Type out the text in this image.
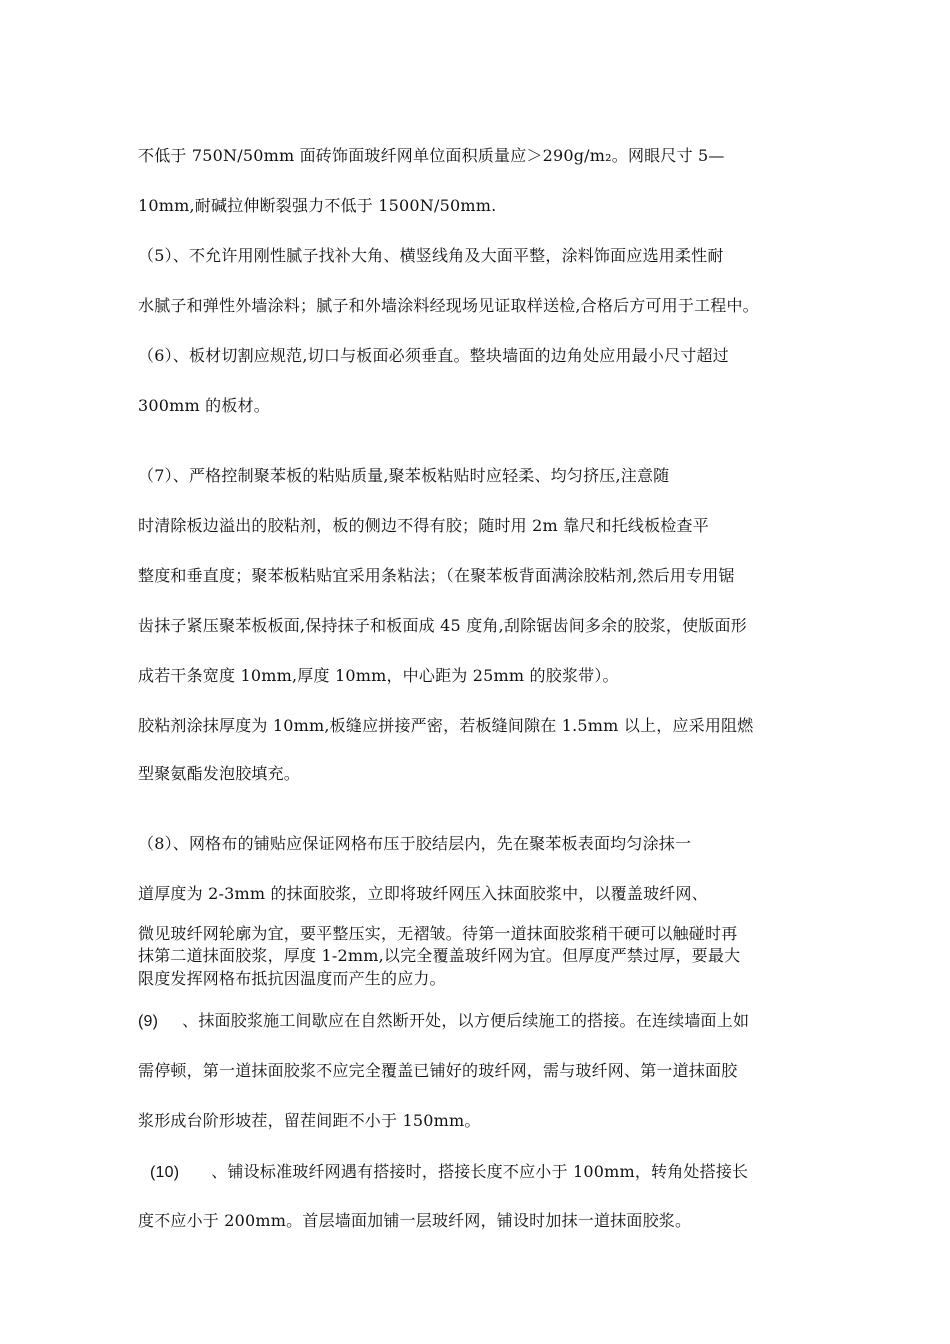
不低于 750N/50mm 面砖饰面玻纤网单位面积质量应＞290g/m₂。网眼尺寸 5—

10mm,耐碱拉伸断裂强力不低于 1500N/50mm.

（5）、不允许用刚性腻子找补大角、横竖线角及大面平整，涂料饰面应选用柔性耐

水腻子和弹性外墙涂料；腻子和外墙涂料经现场见证取样送检,合格后方可用于工程中。

（6）、板材切割应规范,切口与板面必须垂直。整块墙面的边角处应用最小尺寸超过

300mm 的板材。

（7）、严格控制聚苯板的粘贴质量,聚苯板粘贴时应轻柔、均匀挤压,注意随

时清除板边溢出的胶粘剂，板的侧边不得有胶；随时用 2m 靠尺和托线板检查平

整度和垂直度；聚苯板粘贴宜采用条粘法；（在聚苯板背面满涂胶粘剂,然后用专用锯

齿抹子紧压聚苯板板面,保持抹子和板面成 45 度角,刮除锯齿间多余的胶浆，使版面形

成若干条宽度 10mm,厚度 10mm，中心距为 25mm 的胶浆带）。

胶粘剂涂抹厚度为 10mm,板缝应拼接严密，若板缝间隙在 1.5mm 以上，应采用阻燃

型聚氨酯发泡胶填充。

（8）、网格布的铺贴应保证网格布压于胶结层内，先在聚苯板表面均匀涂抹一

道厚度为 2-3mm 的抹面胶浆，立即将玻纤网压入抹面胶浆中，以覆盖玻纤网、

微见玻纤网轮廓为宜，要平整压实，无褶皱。待第一道抹面胶浆稍干硬可以触碰时再

抹第二道抹面胶浆，厚度 1-2mm,以完全覆盖玻纤网为宜。但厚度严禁过厚，要最大

限度发挥网格布抵抗因温度而产生的应力。

(9) 、抹面胶浆施工间歇应在自然断开处，以方便后续施工的搭接。在连续墙面上如

需停顿，第一道抹面胶浆不应完全覆盖已铺好的玻纤网，需与玻纤网、第一道抹面胶

浆形成台阶形坡茬，留茬间距不小于 150mm。

(10) 、铺设标准玻纤网遇有搭接时，搭接长度不应小于 100mm，转角处搭接长

度不应小于 200mm。首层墙面加铺一层玻纤网，铺设时加抹一道抹面胶浆。
